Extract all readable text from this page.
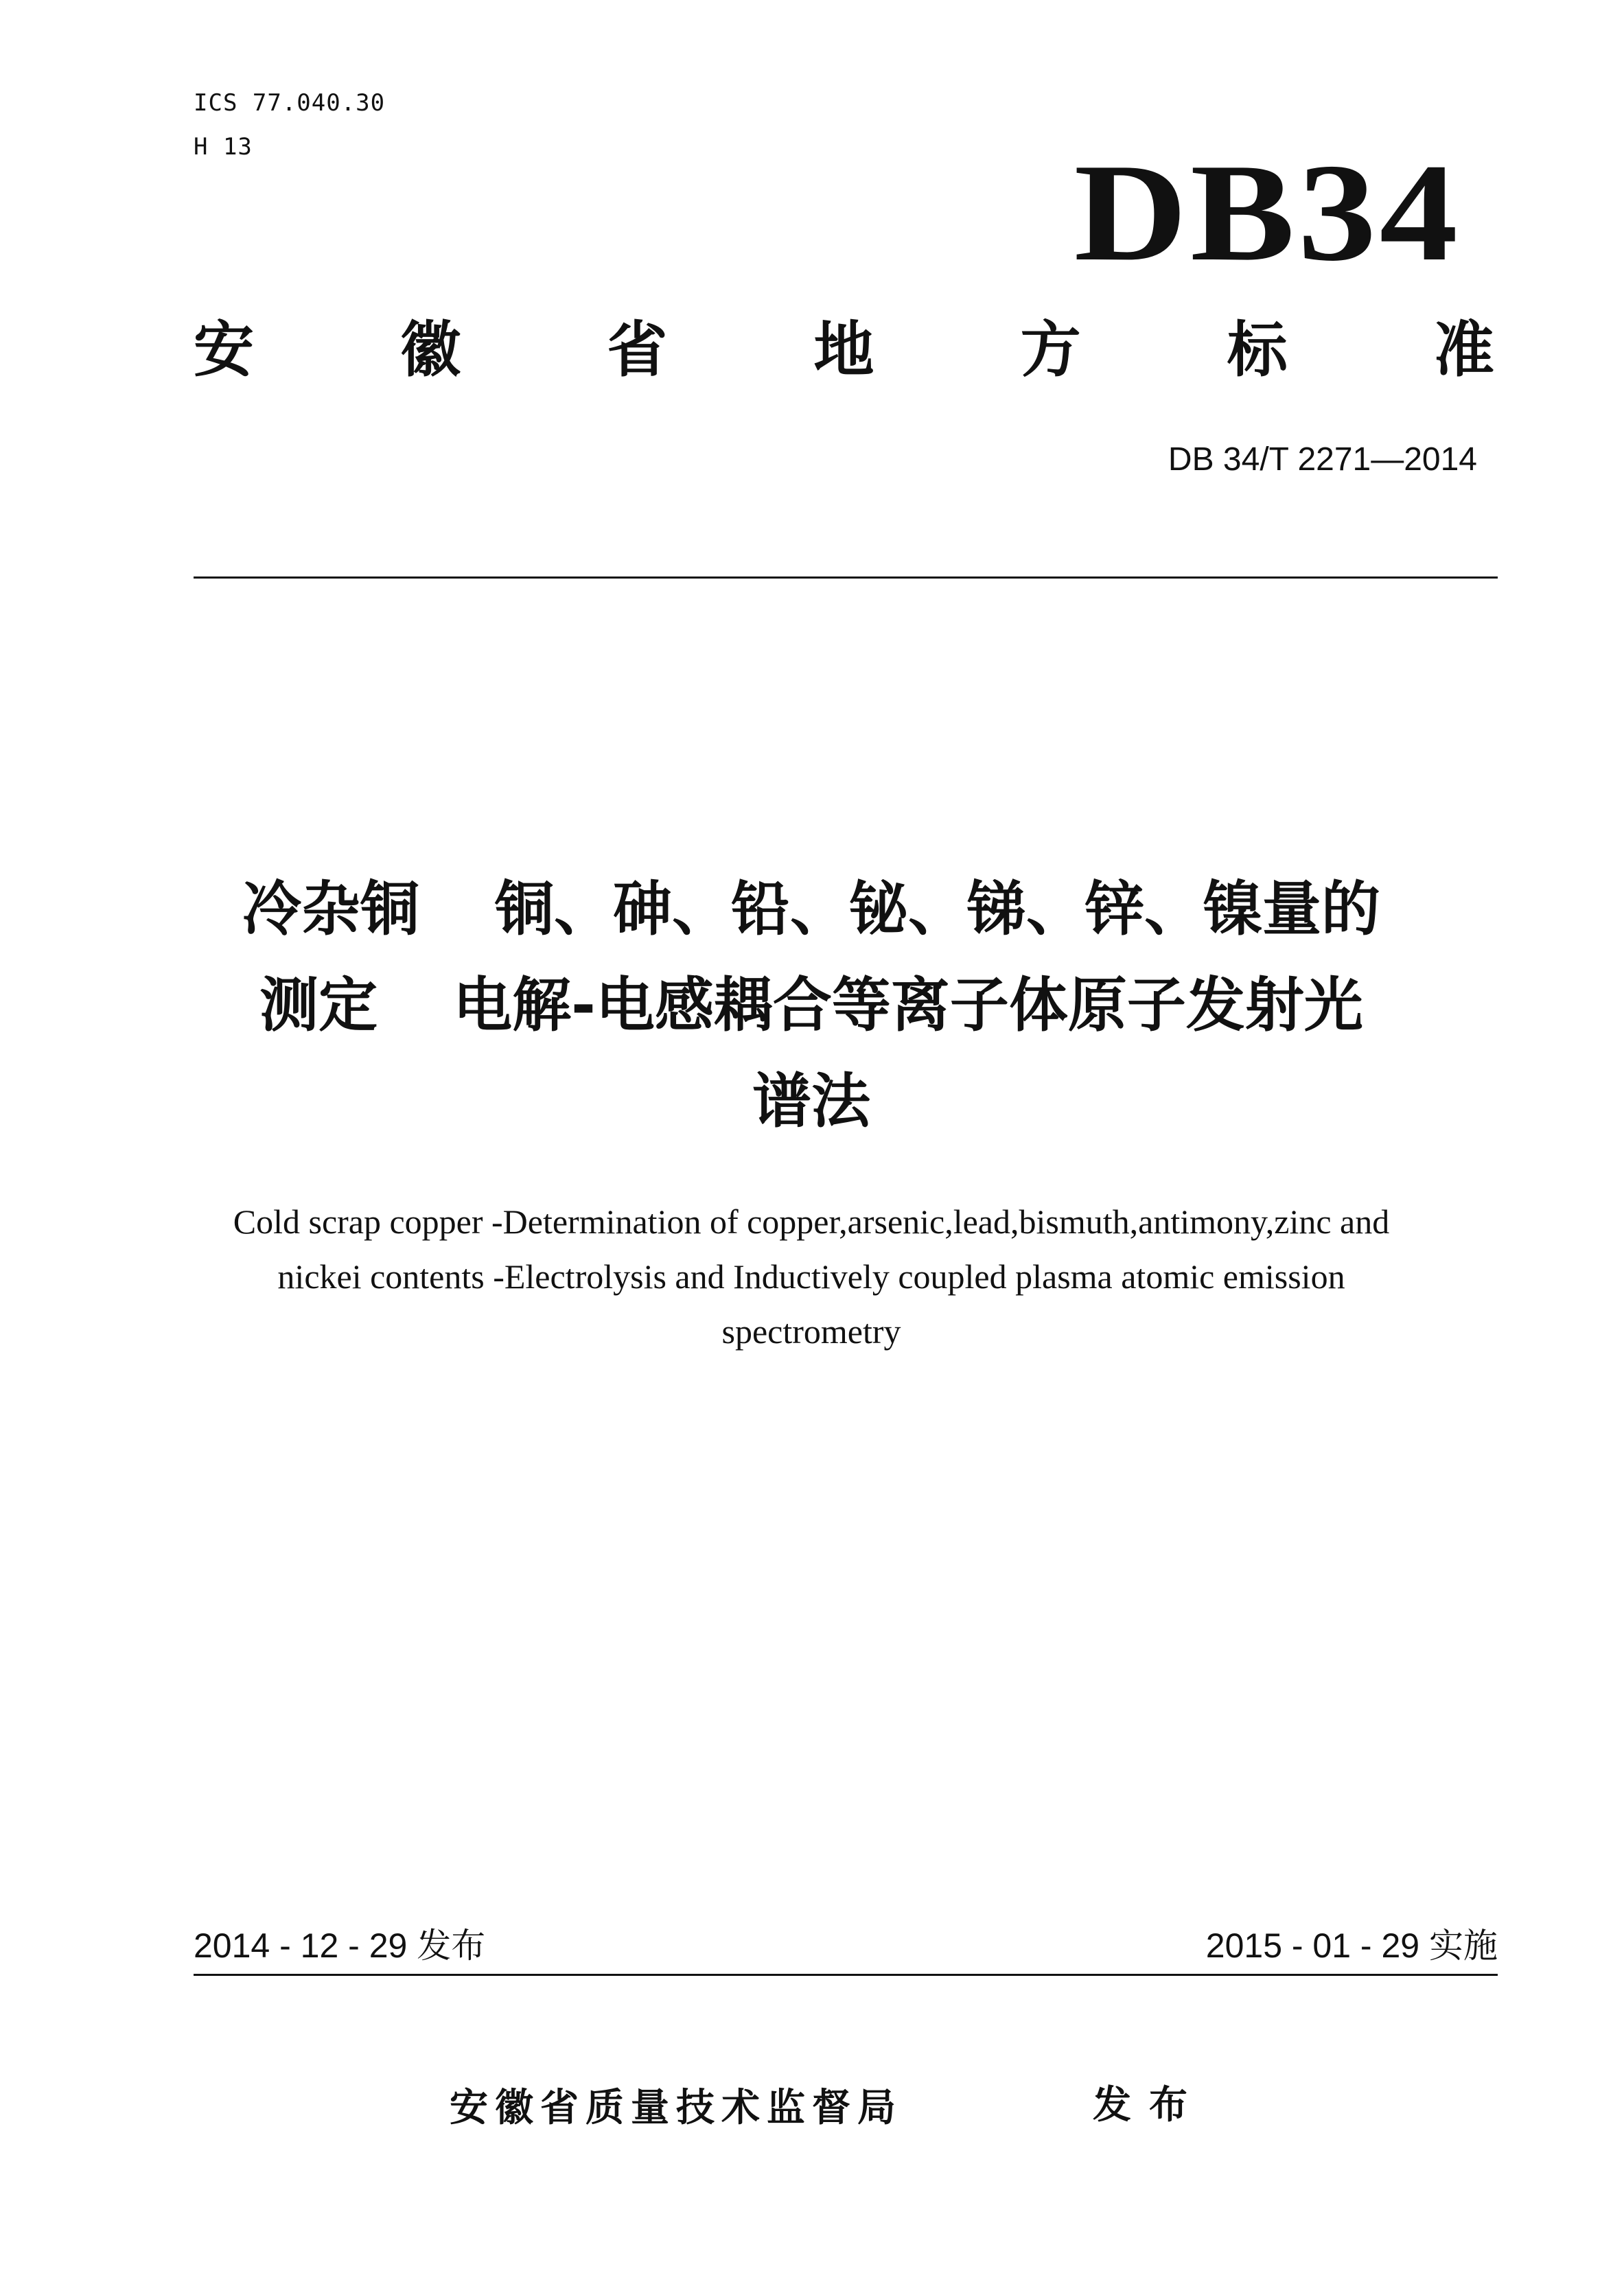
ICS 77.040.30
H 13	DB34
安 徽 省 地 方 标 准
DB 34/T 2271—2014
冷杂铜 铜、砷、铅、铋、锑、锌、镍量的
测定 电解-电感耦合等离子体原子发射光
谱法
Cold scrap copper -Determination of copper,arsenic,lead,bismuth,antimony,zinc and
nickei contents -Electrolysis and Inductively coupled plasma atomic emission
spectrometry
2014 - 12 - 29 发布	2015 - 01 - 29 实施
安徽省质量技术监督局	发布
